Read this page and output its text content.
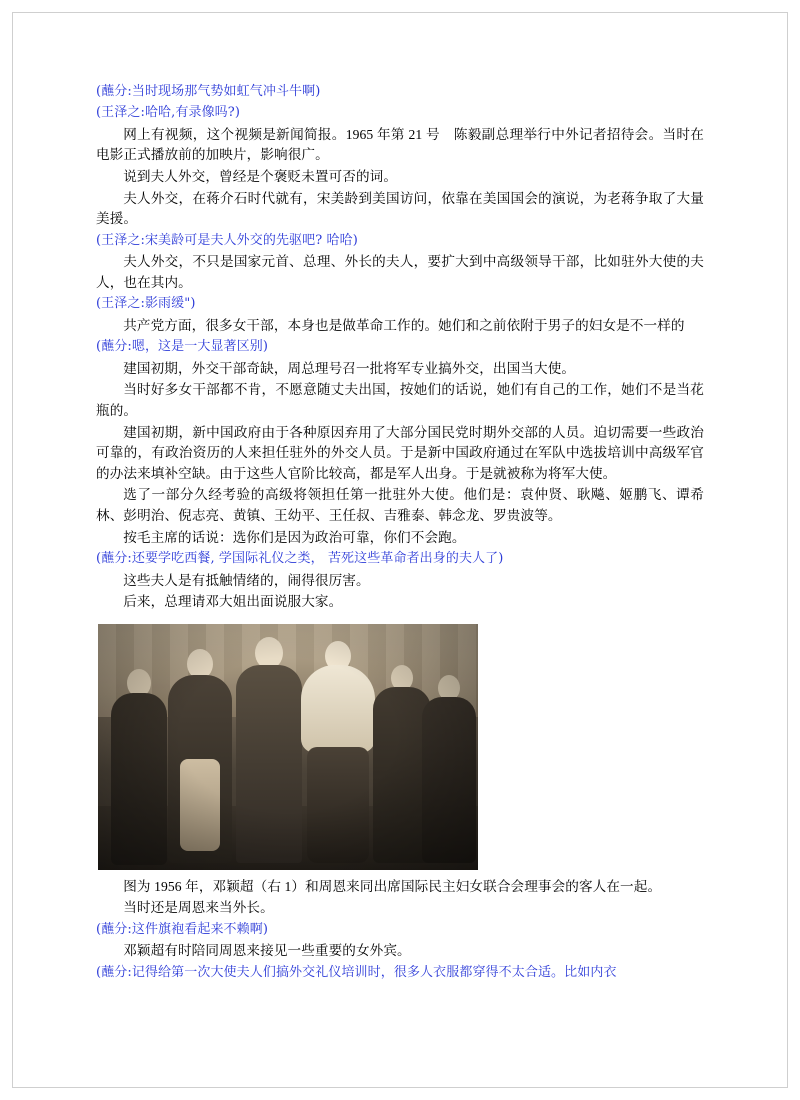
(蘸分:当时现场那气势如虹气冲斗牛啊)

(王泽之:哈哈,有录像吗?)

网上有视频，这个视频是新闻简报。1965 年第 21 号　陈毅副总理举行中外记者招待会。当时在电影正式播放前的加映片，影响很广。

说到夫人外交，曾经是个褒贬未置可否的词。

夫人外交，在蒋介石时代就有，宋美龄到美国访问，依靠在美国国会的演说，为老蒋争取了大量美援。

(王泽之:宋美龄可是夫人外交的先驱吧? 哈哈)

夫人外交，不只是国家元首、总理、外长的夫人，要扩大到中高级领导干部，比如驻外大使的夫人，也在其内。

(王泽之:影雨缓")

共产党方面，很多女干部，本身也是做革命工作的。她们和之前依附于男子的妇女是不一样的

(蘸分:嗯，这是一大显著区别)

建国初期，外交干部奇缺，周总理号召一批将军专业搞外交，出国当大使。

当时好多女干部都不肯，不愿意随丈夫出国，按她们的话说，她们有自己的工作，她们不是当花瓶的。

建国初期，新中国政府由于各种原因弃用了大部分国民党时期外交部的人员。迫切需要一些政治可靠的，有政治资历的人来担任驻外的外交人员。于是新中国政府通过在军队中选拔培训中高级军官的办法来填补空缺。由于这些人官阶比较高，都是军人出身。于是就被称为将军大使。

选了一部分久经考验的高级将领担任第一批驻外大使。他们是：袁仲贤、耿飚、姬鹏飞、谭希林、彭明治、倪志亮、黄镇、王幼平、王任叔、吉雅泰、韩念龙、罗贵波等。

按毛主席的话说：选你们是因为政治可靠，你们不会跑。

(蘸分:还要学吃西餐, 学国际礼仪之类， 苦死这些革命者出身的夫人了)

这些夫人是有抵触情绪的，闹得很厉害。

后来，总理请邓大姐出面说服大家。

图为 1956 年，邓颖超（右 1）和周恩来同出席国际民主妇女联合会理事会的客人在一起。

当时还是周恩来当外长。

(蘸分:这件旗袍看起来不赖啊)

邓颖超有时陪同周恩来接见一些重要的女外宾。

(蘸分:记得给第一次大使夫人们搞外交礼仪培训时，很多人衣服都穿得不太合适。比如内衣
